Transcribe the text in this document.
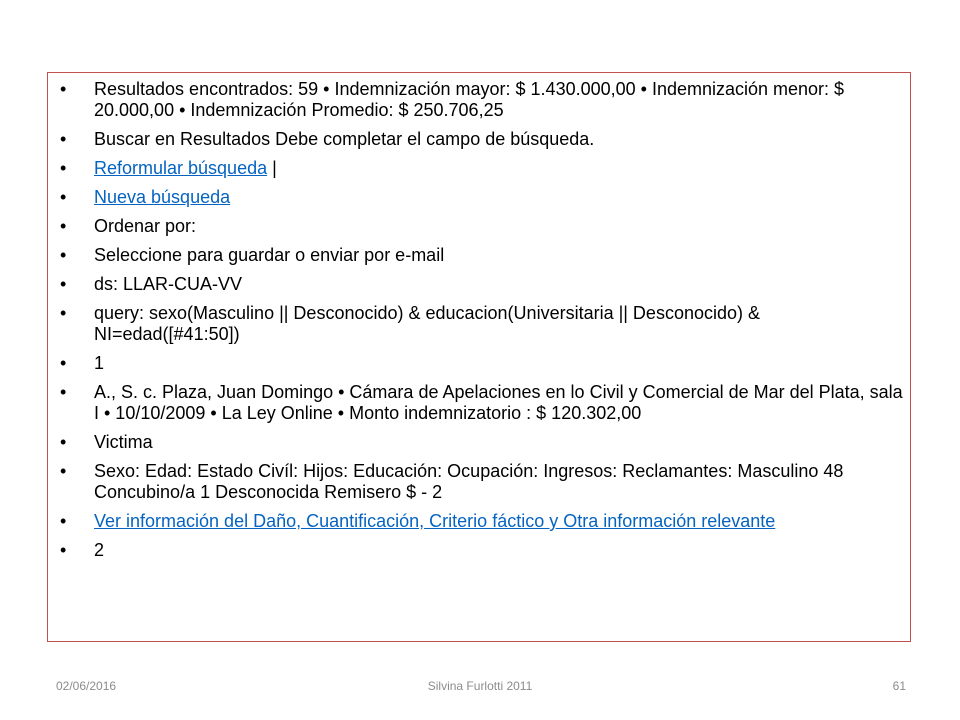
• Resultados encontrados: 59 • Indemnización mayor: $ 1.430.000,00 • Indemnización menor: $ 20.000,00 • Indemnización Promedio: $ 250.706,25
• Buscar en Resultados Debe completar el campo de búsqueda.
• Reformular búsqueda |
• Nueva búsqueda
• Ordenar por:
• Seleccione para guardar o enviar por e-mail
• ds: LLAR-CUA-VV
• query: sexo(Masculino || Desconocido) & educacion(Universitaria || Desconocido) & NI=edad([#41:50])
• 1
• A., S. c. Plaza, Juan Domingo • Cámara de Apelaciones en lo Civil y Comercial de Mar del Plata, sala I • 10/10/2009 • La Ley Online • Monto indemnizatorio : $ 120.302,00
• Victima
• Sexo: Edad: Estado Civíl: Hijos: Educación: Ocupación: Ingresos: Reclamantes: Masculino 48 Concubino/a 1 Desconocida Remisero $ - 2
• Ver información del Daño, Cuantificación, Criterio fáctico y Otra información relevante
• 2
Silvina Furlotti 2011
02/06/2016	61
